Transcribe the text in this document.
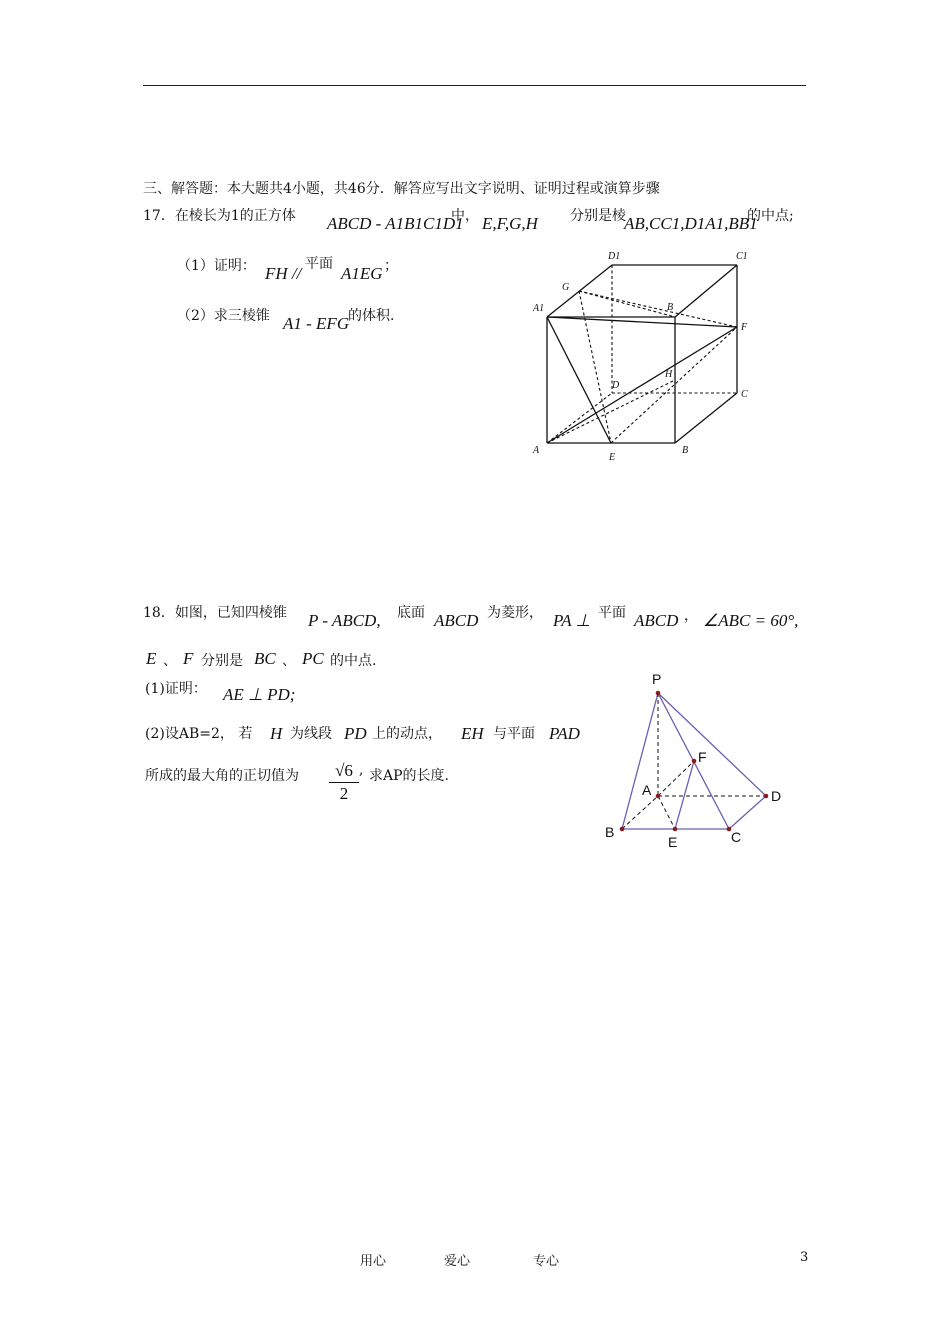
三、解答题：本大题共4小题，共46分．解答应写出文字说明、证明过程或演算步骤
17．在棱长为1的正方体 ABCD - A1B1C1D1
中， E,F,G,H 分别是棱
AB,CC1,D1A1,BB1
的中点;
（1）证明： FH // 平面 A1EG ；
（2）求三棱锥 A1 - EFG
的体积.	A1	B
D1	C1
G
F
D
H
C
A
E
B
18．如图，已知四棱锥 P - ABCD, 底面 ABCD 为菱形， PA ⊥ 平面 ABCD ， ∠ABC = 60°,
E 、 F 分别是 BC 、 PC 的中点.
(1)证明： AE ⊥ PD;
(2)设AB=2， 若 H 为线段 PD 上的动点， EH 与平面 PAD
所成的最大角的正切值为 $\frac{√6}{2}$ , 求AP的长度.
P
A
B	C
D
E
F
用心	爱心	专心	3
